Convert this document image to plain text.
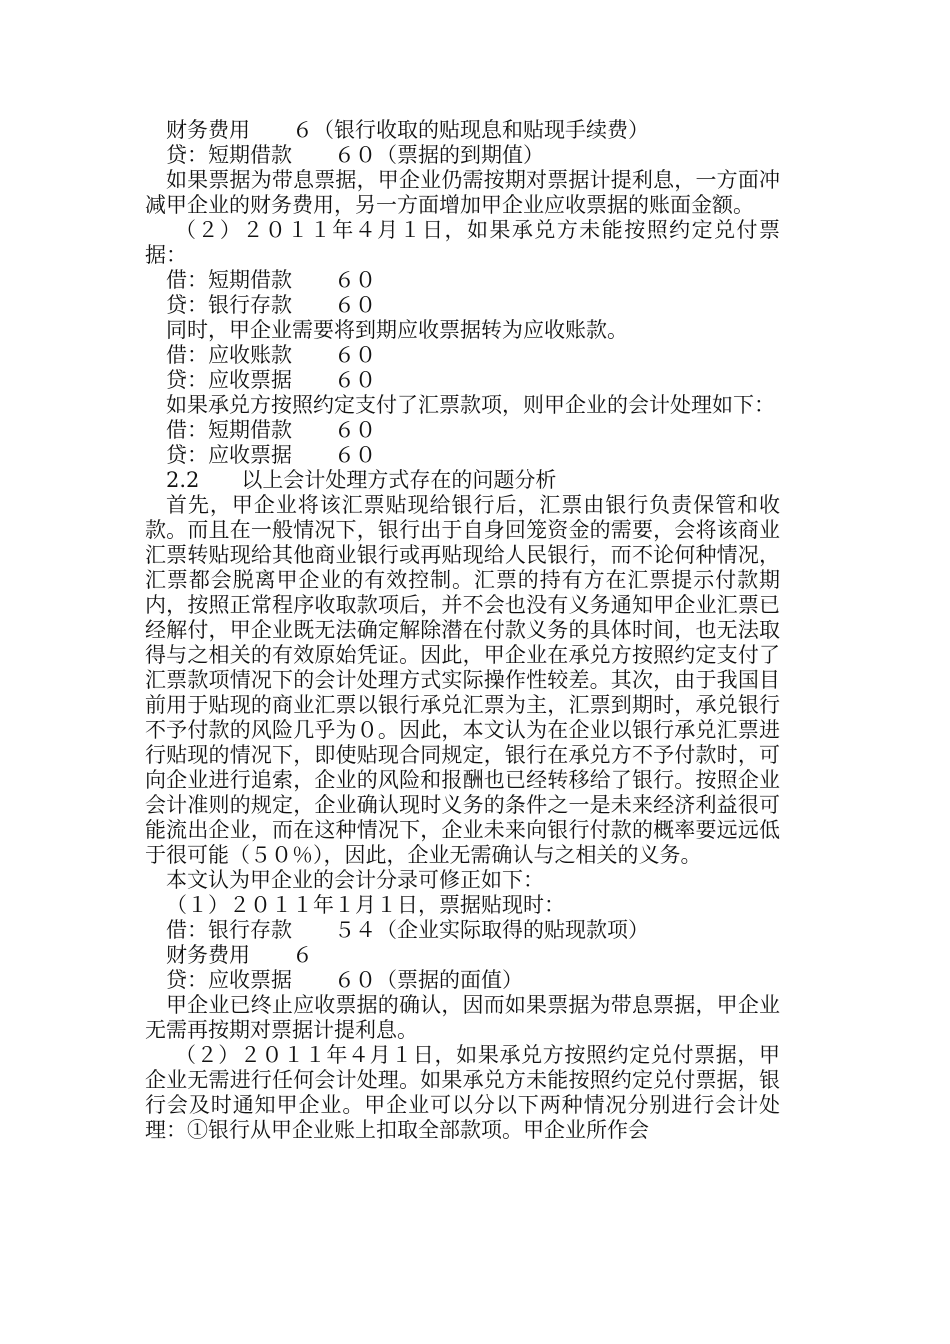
财务费用　　６（银行收取的贴现息和贴现手续费）

贷：短期借款　　６０（票据的到期值）

如果票据为带息票据，甲企业仍需按期对票据计提利息，一方面冲减甲企业的财务费用，另一方面增加甲企业应收票据的账面金额。

（２）２０１１年４月１日，如果承兑方未能按照约定兑付票据：

借：短期借款　　６０

贷：银行存款　　６０

同时，甲企业需要将到期应收票据转为应收账款。

借：应收账款　　６０

贷：应收票据　　６０

如果承兑方按照约定支付了汇票款项，则甲企业的会计处理如下：

借：短期借款　　６０

贷：应收票据　　６０

2.2　　以上会计处理方式存在的问题分析

首先，甲企业将该汇票贴现给银行后，汇票由银行负责保管和收款。而且在一般情况下，银行出于自身回笼资金的需要，会将该商业汇票转贴现给其他商业银行或再贴现给人民银行，而不论何种情况，汇票都会脱离甲企业的有效控制。汇票的持有方在汇票提示付款期内，按照正常程序收取款项后，并不会也没有义务通知甲企业汇票已经解付，甲企业既无法确定解除潜在付款义务的具体时间，也无法取得与之相关的有效原始凭证。因此，甲企业在承兑方按照约定支付了汇票款项情况下的会计处理方式实际操作性较差。其次，由于我国目前用于贴现的商业汇票以银行承兑汇票为主，汇票到期时，承兑银行不予付款的风险几乎为０。因此，本文认为在企业以银行承兑汇票进行贴现的情况下，即使贴现合同规定，银行在承兑方不予付款时，可向企业进行追索，企业的风险和报酬也已经转移给了银行。按照企业会计准则的规定，企业确认现时义务的条件之一是未来经济利益很可能流出企业，而在这种情况下，企业未来向银行付款的概率要远远低于很可能（５０％），因此，企业无需确认与之相关的义务。

本文认为甲企业的会计分录可修正如下：

（１）２０１１年１月１日，票据贴现时：

借：银行存款　　５４（企业实际取得的贴现款项）

财务费用　　６

贷：应收票据　　６０（票据的面值）

甲企业已终止应收票据的确认，因而如果票据为带息票据，甲企业无需再按期对票据计提利息。

（２）２０１１年４月１日，如果承兑方按照约定兑付票据，甲企业无需进行任何会计处理。如果承兑方未能按照约定兑付票据，银行会及时通知甲企业。甲企业可以分以下两种情况分别进行会计处理：①银行从甲企业账上扣取全部款项。甲企业所作会
